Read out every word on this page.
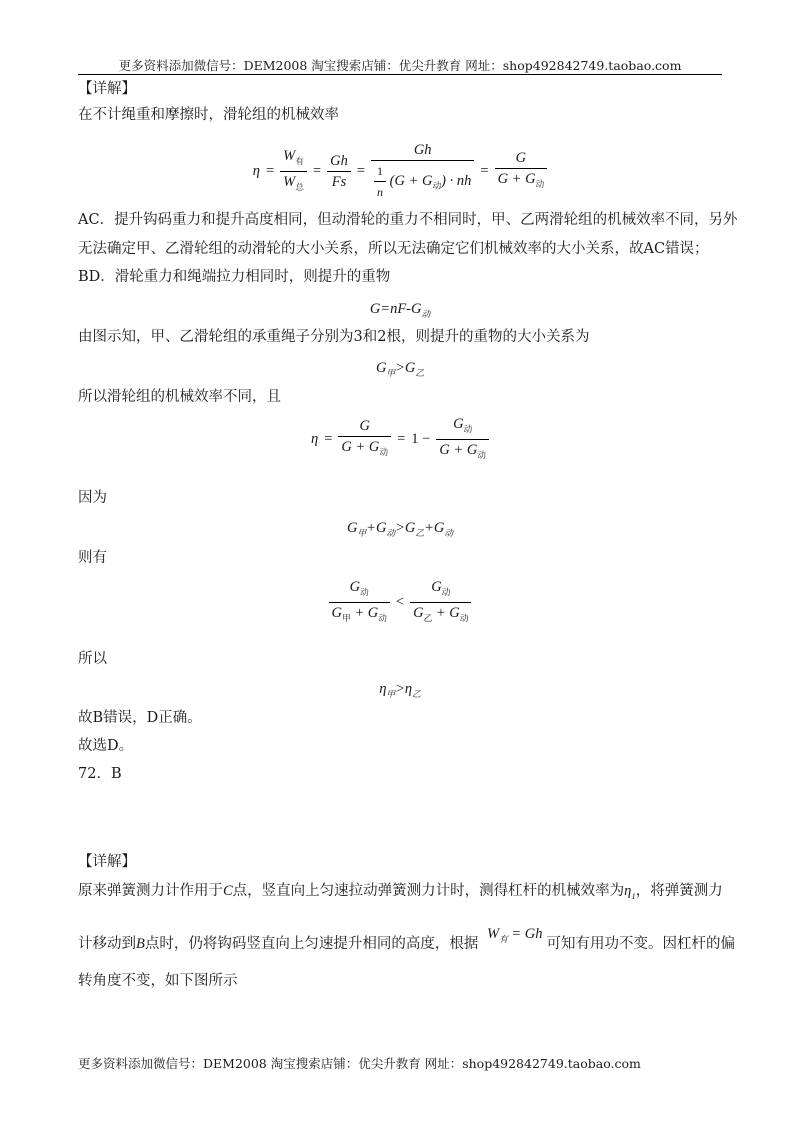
更多资料添加微信号：DEM2008 淘宝搜索店铺：优尖升教育 网址：shop492842749.taobao.com
【详解】
在不计绳重和摩擦时，滑轮组的机械效率
$\eta = \frac{W_有}{W_总} = \frac{Gh}{Fs} = \frac{Gh}{\frac{1}{n} (G + G_动) \cdot nh} = \frac{G}{G + G_动}$
AC．提升钩码重力和提升高度相同，但动滑轮的重力不相同时，甲、乙两滑轮组的机械效率不同，另外
无法确定甲、乙滑轮组的动滑轮的大小关系，所以无法确定它们机械效率的大小关系，故AC错误；
BD．滑轮重力和绳端拉力相同时，则提升的重物
$G=nF-G_动$
由图示知，甲、乙滑轮组的承重绳子分别为3和2根，则提升的重物的大小关系为
$G_甲>G_乙$
所以滑轮组的机械效率不同，且
$\eta = \frac{G}{G + G_动} = 1 - \frac{G_动}{G + G_动}$
因为
$G_甲+G_动>G_乙+G_动$
则有
$\frac{G_动}{G_甲 + G_动} < \frac{G_动}{G_乙 + G_动}$
所以
$\eta_甲>\eta_乙$
故B错误，D正确。
故选D。
72．B
【详解】
原来弹簧测力计作用于C点，竖直向上匀速拉动弹簧测力计时，测得杠杆的机械效率为$\eta_1$，将弹簧测力
计移动到B点时，仍将钩码竖直向上匀速提升相同的高度，根据 $W_有 = Gh$可知有用功不变。因杠杆的偏
转角度不变，如下图所示
更多资料添加微信号：DEM2008 淘宝搜索店铺：优尖升教育 网址：shop492842749.taobao.com
